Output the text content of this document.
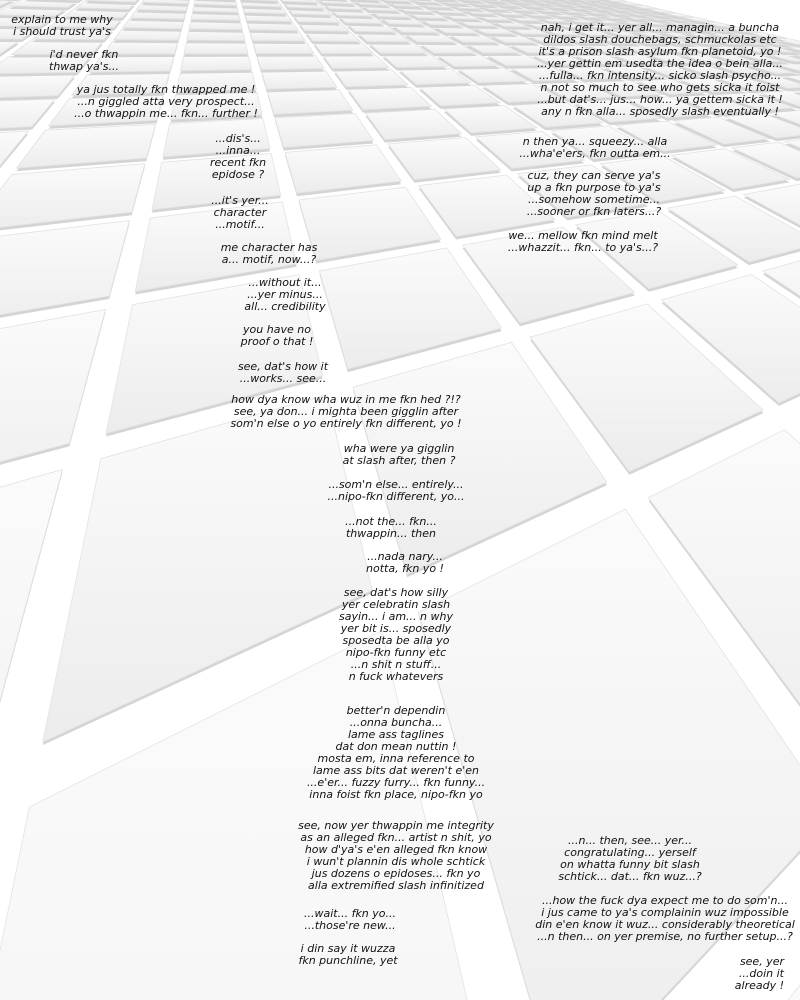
explain to me why
i should trust ya's
i'd never fkn
thwap ya's...
ya jus totally fkn thwapped me !
...n giggled atta very prospect...
...o thwappin me... fkn... further !
...dis's...
...inna...
recent fkn
epidose ?
...it's yer...
character
...motif...
me character has
a... motif, now...?
...without it...
...yer minus...
all... credibility
you have no
proof o that !
see, dat's how it
...works... see...
how dya know wha wuz in me fkn hed ?!?
see, ya don... i mighta been gigglin after
som'n else o yo entirely fkn different, yo !
wha were ya gigglin
at slash after, then ?
...som'n else... entirely...
...nipo-fkn different, yo...
...not the... fkn...
thwappin... then
...nada nary...
notta, fkn yo !
see, dat's how silly
yer celebratin slash
sayin... i am... n why
yer bit is... sposedly
sposedta be alla yo
nipo-fkn funny etc
...n shit n stuff...
n fuck whatevers
better'n dependin
...onna buncha...
lame ass taglines
dat don mean nuttin !
mosta em, inna reference to
lame ass bits dat weren't e'en
...e'er... fuzzy furry... fkn funny...
inna foist fkn place, nipo-fkn yo
see, now yer thwappin me integrity
as an alleged fkn... artist n shit, yo
how d'ya's e'en alleged fkn know
i wun't plannin dis whole schtick
jus dozens o epidoses... fkn yo
alla extremified slash infinitized
...wait... fkn yo...
...those're new...
i din say it wuzza
fkn punchline, yet
nah, i get it... yer all... managin... a buncha
dildos slash douchebags, schmuckolas etc
it's a prison slash asylum fkn planetoid, yo !
...yer gettin em usedta the idea o bein alla...
...fulla... fkn intensity... sicko slash psycho...
n not so much to see who gets sicka it foist
...but dat's... jus... how... ya gettem sicka it !
any n fkn alla... sposedly slash eventually !
n then ya... squeezy... alla
...wha'e'ers, fkn outta em...
cuz, they can serve ya's
up a fkn purpose to ya's
...somehow sometime...
...sooner or fkn laters...?
we... mellow fkn mind melt
...whazzit... fkn... to ya's...?
...n... then, see... yer...
congratulating... yerself
on whatta funny bit slash
schtick... dat... fkn wuz...?
...how the fuck dya expect me to do som'n...
i jus came to ya's complainin wuz impossible
din e'en know it wuz... considerably theoretical
...n then... on yer premise, no further setup...?
see, yer
...doin it
already !
